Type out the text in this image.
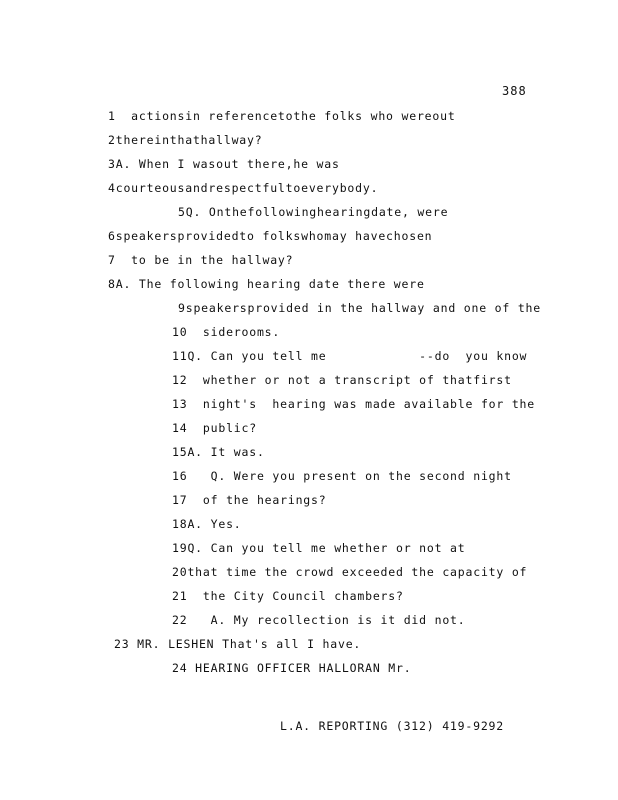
388
1  actionsin referencetothe folks who wereout
2thereinthathallway?
3A. When I wasout there,he was
4courteousandrespectfultoeverybody.
5Q. Onthefollowinghearingdate, were
6speakersprovidedto folkswhomay havechosen
7  to be in the hallway?
8A. The following hearing date there were
9speakersprovided in the hallway and one of the
10  siderooms.
11Q. Can you tell me            --do  you know
12  whether or not a transcript of thatfirst
13  night's  hearing was made available for the
14  public?
15A. It was.
16   Q. Were you present on the second night
17  of the hearings?
18A. Yes.
19Q. Can you tell me whether or not at
20that time the crowd exceeded the capacity of
21  the City Council chambers?
22   A. My recollection is it did not.
23 MR. LESHEN That's all I have.
24 HEARING OFFICER HALLORAN Mr.
L.A. REPORTING (312) 419-9292
